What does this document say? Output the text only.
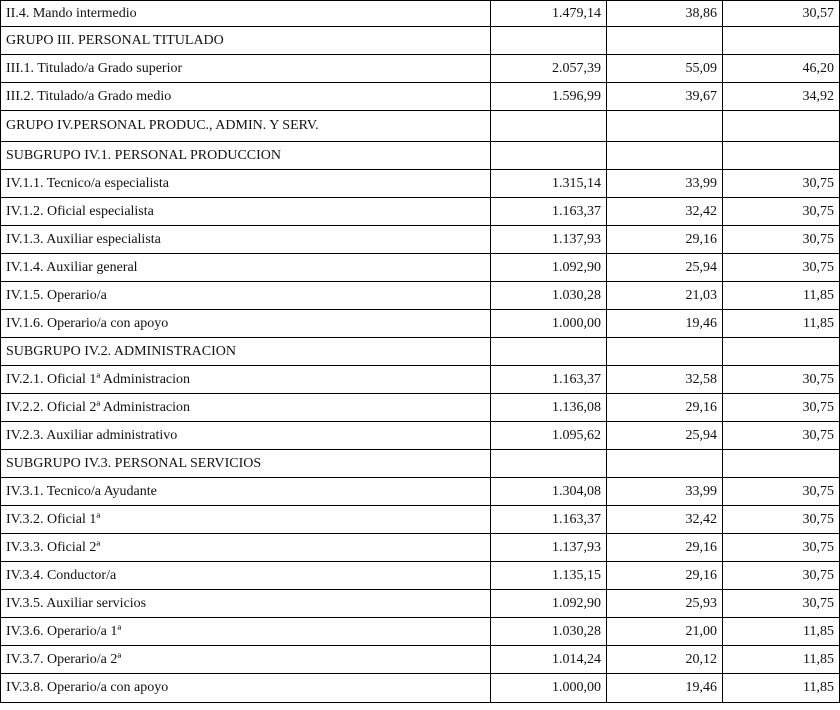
II.4. Mando intermedio	1.479,14	38,86	30,57
GRUPO III. PERSONAL TITULADO			
III.1. Titulado/a Grado superior	2.057,39	55,09	46,20
III.2. Titulado/a Grado medio	1.596,99	39,67	34,92
GRUPO IV.PERSONAL PRODUC., ADMIN. Y SERV.			
SUBGRUPO IV.1. PERSONAL PRODUCCION			
IV.1.1. Tecnico/a especialista	1.315,14	33,99	30,75
IV.1.2. Oficial especialista	1.163,37	32,42	30,75
IV.1.3. Auxiliar especialista	1.137,93	29,16	30,75
IV.1.4. Auxiliar general	1.092,90	25,94	30,75
IV.1.5. Operario/a	1.030,28	21,03	11,85
IV.1.6. Operario/a con apoyo	1.000,00	19,46	11,85
SUBGRUPO IV.2. ADMINISTRACION			
IV.2.1. Oficial 1ª Administracion	1.163,37	32,58	30,75
IV.2.2. Oficial 2ª Administracion	1.136,08	29,16	30,75
IV.2.3. Auxiliar administrativo	1.095,62	25,94	30,75
SUBGRUPO IV.3. PERSONAL SERVICIOS			
IV.3.1. Tecnico/a Ayudante	1.304,08	33,99	30,75
IV.3.2. Oficial 1ª	1.163,37	32,42	30,75
IV.3.3. Oficial 2ª	1.137,93	29,16	30,75
IV.3.4. Conductor/a	1.135,15	29,16	30,75
IV.3.5. Auxiliar servicios	1.092,90	25,93	30,75
IV.3.6. Operario/a 1ª	1.030,28	21,00	11,85
IV.3.7. Operario/a 2ª	1.014,24	20,12	11,85
IV.3.8. Operario/a con apoyo	1.000,00	19,46	11,85
